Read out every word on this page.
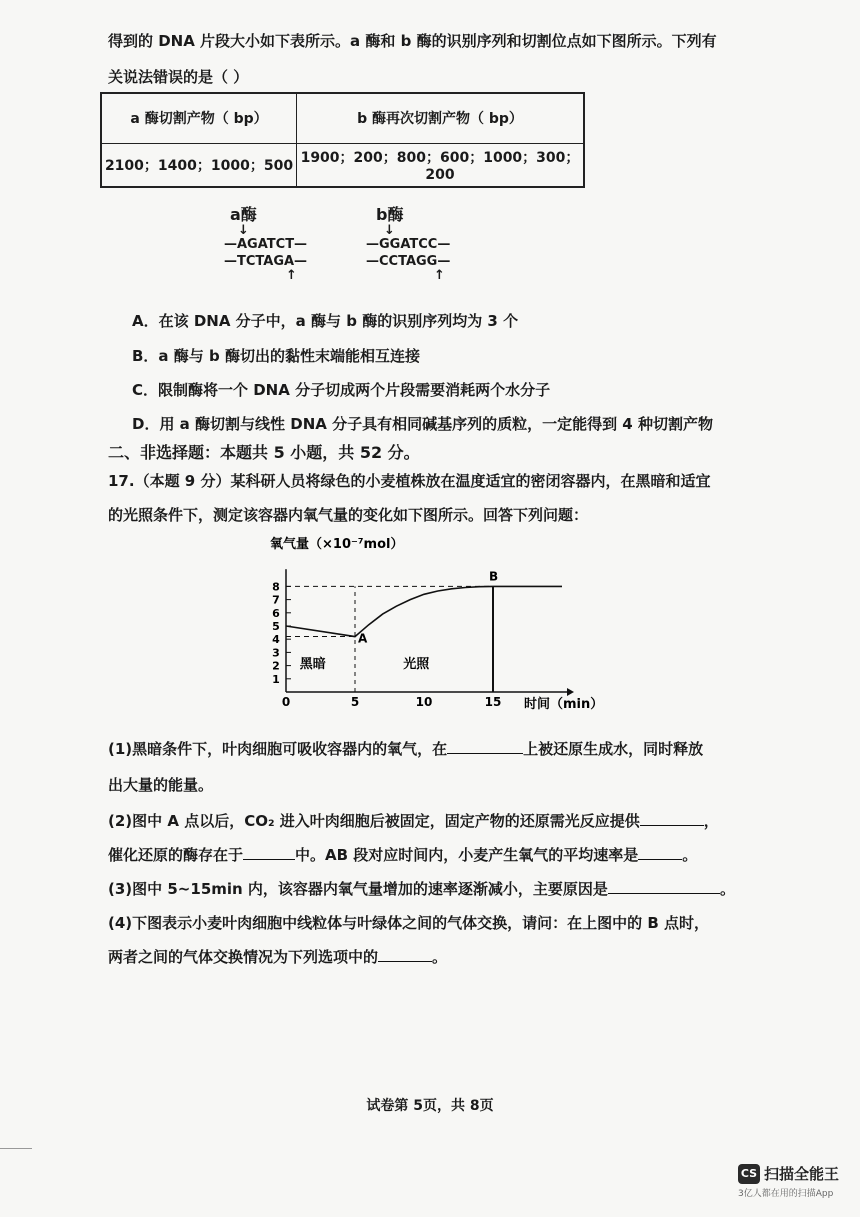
得到的 DNA 片段大小如下表所示。a 酶和 b 酶的识别序列和切割位点如下图所示。下列有
关说法错误的是（ ）
a 酶切割产物（ bp）	b 酶再次切割产物（ bp）
2100；1400；1000；500	1900；200；800；600；1000；300；200
a酶
↓
—AGATCT—
—TCTAGA—
↑
b酶
↓
—GGATCC—
—CCTAGG—
↑
A．在该 DNA 分子中，a 酶与 b 酶的识别序列均为 3 个
B．a 酶与 b 酶切出的黏性末端能相互连接
C．限制酶将一个 DNA 分子切成两个片段需要消耗两个水分子
D．用 a 酶切割与线性 DNA 分子具有相同碱基序列的质粒，一定能得到 4 种切割产物
二、非选择题：本题共 5 小题，共 52 分。
17.（本题 9 分）某科研人员将绿色的小麦植株放在温度适宜的密闭容器内，在黑暗和适宜
的光照条件下，测定该容器内氧气量的变化如下图所示。回答下列问题：
1
2
3
4
5
6
7
8
0	5	10	15
氧气量（×10⁻⁷mol）
时间（min）
A
B
黑暗	光照
(1)黑暗条件下，叶肉细胞可吸收容器内的氧气，在	上被还原生成水，同时释放
出大量的能量。
(2)图中 A 点以后，CO₂ 进入叶肉细胞后被固定，固定产物的还原需光反应提供	，
催化还原的酶存在于	中。AB 段对应时间内，小麦产生氧气的平均速率是	。
(3)图中 5~15min 内，该容器内氧气量增加的速率逐渐减小，主要原因是	。
(4)下图表示小麦叶肉细胞中线粒体与叶绿体之间的气体交换，请问：在上图中的 B 点时，
两者之间的气体交换情况为下列选项中的	。
试卷第 5页，共 8页
CS 扫描全能王
3亿人都在用的扫描App
